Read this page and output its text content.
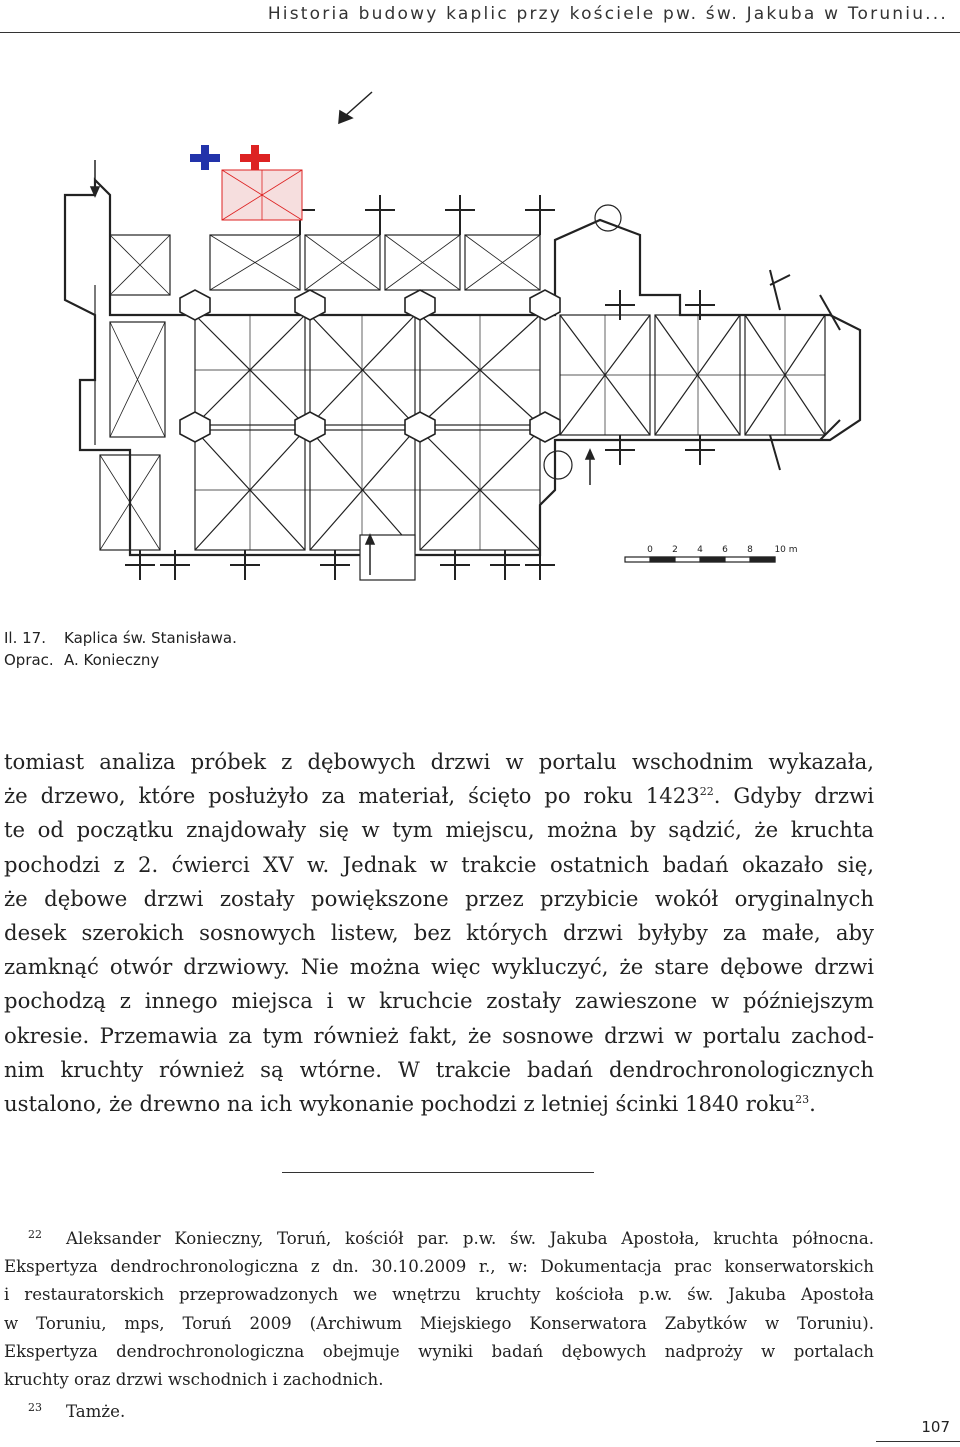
Historia budowy kaplic przy kościele pw. św. Jakuba w Toruniu...
0 2 4 6 8 10 m
Il. 17. Kaplica św. Stanisława.
Oprac. A. Konieczny
tomiast analiza próbek z dębowych drzwi w portalu wschodnim wykazała,
że drzewo, które posłużyło za materiał, ścięto po roku 1423$^{22}$. Gdyby drzwi
te od początku znajdowały się w tym miejscu, można by sądzić, że kruchta
pochodzi z 2. ćwierci XV w. Jednak w trakcie ostatnich badań okazało się,
że dębowe drzwi zostały powiększone przez przybicie wokół oryginalnych
desek szerokich sosnowych listew, bez których drzwi byłyby za małe, aby
zamknąć otwór drzwiowy. Nie można więc wykluczyć, że stare dębowe drzwi
pochodzą z innego miejsca i w kruchcie zostały zawieszone w późniejszym
okresie. Przemawia za tym również fakt, że sosnowe drzwi w portalu zachod-
nim kruchty również są wtórne. W trakcie badań dendrochronologicznych
ustalono, że drewno na ich wykonanie pochodzi z letniej ścinki 1840 roku$^{23}$.
22 Aleksander Konieczny, Toruń, kościół par. p.w. św. Jakuba Apostoła, kruchta północna.
Ekspertyza dendrochronologiczna z dn. 30.10.2009 r., w: Dokumentacja prac konserwatorskich
i restauratorskich przeprowadzonych we wnętrzu kruchty kościoła p.w. św. Jakuba Apostoła
w Toruniu, mps, Toruń 2009 (Archiwum Miejskiego Konserwatora Zabytków w Toruniu).
Ekspertyza dendrochronologiczna obejmuje wyniki badań dębowych nadproży w portalach
kruchty oraz drzwi wschodnich i zachodnich.
23 Tamże.
107
